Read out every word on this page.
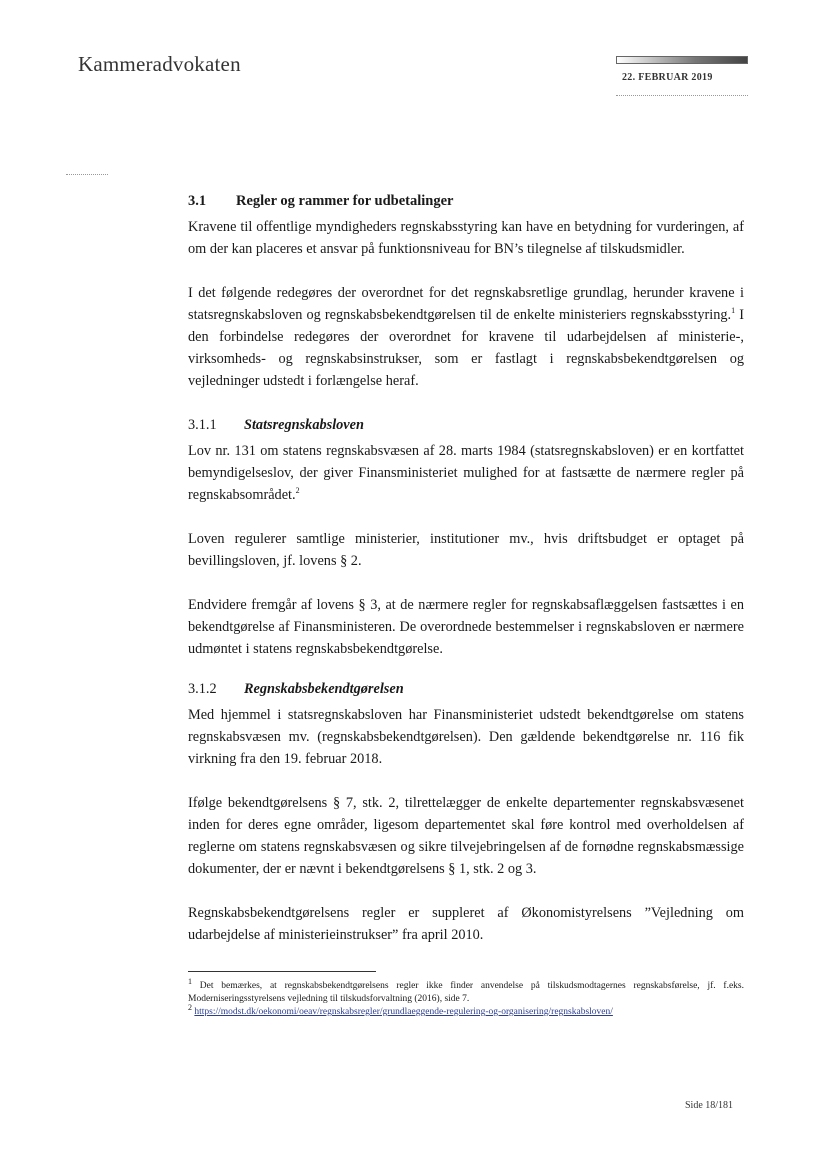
Kammeradvokaten
22. FEBRUAR 2019
3.1	Regler og rammer for udbetalinger

Kravene til offentlige myndigheders regnskabsstyring kan have en betydning for vurderingen, af om der kan placeres et ansvar på funktionsniveau for BN’s tilegnelse af tilskudsmidler.

I det følgende redegøres der overordnet for det regnskabsretlige grundlag, herunder kravene i statsregnskabsloven og regnskabsbekendtgørelsen til de enkelte ministeriers regnskabsstyring.$^1$ I den forbindelse redegøres der overordnet for kravene til udarbejdelsen af ministerie-, virksomheds- og regnskabsinstrukser, som er fastlagt i regnskabsbekendtgørelsen og vejledninger udstedt i forlængelse heraf.

3.1.1	Statsregnskabsloven

Lov nr. 131 om statens regnskabsvæsen af 28. marts 1984 (statsregnskabsloven) er en kortfattet bemyndigelseslov, der giver Finansministeriet mulighed for at fastsætte de nærmere regler på regnskabsområdet.$^2$

Loven regulerer samtlige ministerier, institutioner mv., hvis driftsbudget er optaget på bevillingsloven, jf. lovens § 2.

Endvidere fremgår af lovens § 3, at de nærmere regler for regnskabsaflæggelsen fastsættes i en bekendtgørelse af Finansministeren. De overordnede bestemmelser i regnskabsloven er nærmere udmøntet i statens regnskabsbekendtgørelse.

3.1.2	Regnskabsbekendtgørelsen

Med hjemmel i statsregnskabsloven har Finansministeriet udstedt bekendtgørelse om statens regnskabsvæsen mv. (regnskabsbekendtgørelsen). Den gældende bekendtgørelse nr. 116 fik virkning fra den 19. februar 2018.

Ifølge bekendtgørelsens § 7, stk. 2, tilrettelægger de enkelte departementer regnskabsvæsenet inden for deres egne områder, ligesom departementet skal føre kontrol med overholdelsen af reglerne om statens regnskabsvæsen og sikre tilvejebringelsen af de fornødne regnskabsmæssige dokumenter, der er nævnt i bekendtgørelsens § 1, stk. 2 og 3.

Regnskabsbekendtgørelsens regler er suppleret af Økonomistyrelsens ”Vejledning om udarbejdelse af ministerieinstrukser” fra april 2010.

$^1$ Det bemærkes, at regnskabsbekendtgørelsens regler ikke finder anvendelse på tilskudsmodtagernes regnskabsførelse, jf. f.eks. Moderniseringsstyrelsens vejledning til tilskudsforvaltning (2016), side 7.

$^2$ https://modst.dk/oekonomi/oeav/regnskabsregler/grundlaeggende-regulering-og-organisering/regnskabsloven/

Side 18/181
